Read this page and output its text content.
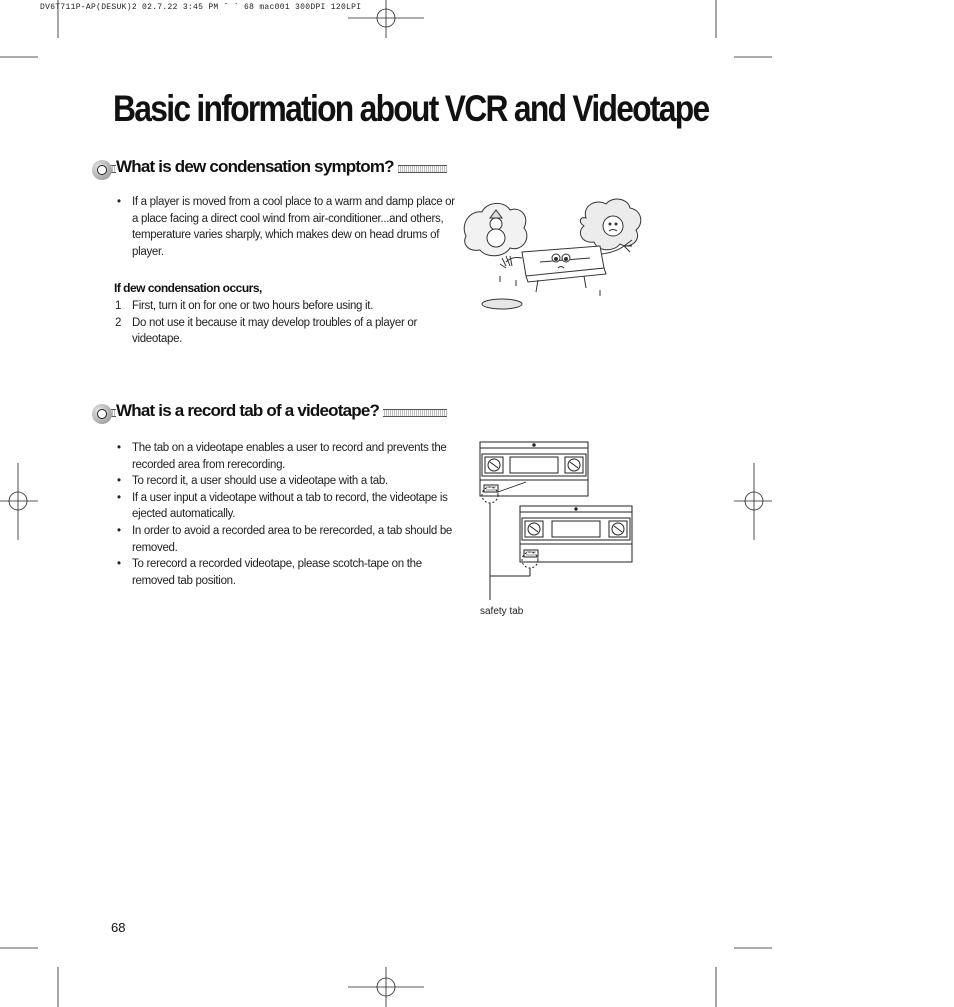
DV6T711P-AP(DESUK)2 02.7.22 3:45 PM ˘ ` 68 mac001 300DPI 120LPI
Basic information about VCR and Videotape
What is dew condensation symptom?
• If a player is moved from a cool place to a warm and damp place or a place facing a direct cool wind from air-conditioner...and others, temperature varies sharply, which makes dew on head drums of player.
If dew condensation occurs,
1 First, turn it on for one or two hours before using it.
2 Do not use it because it may develop troubles of a player or videotape.
What is a record tab of a videotape?
• The tab on a videotape enables a user to record and prevents the recorded area from rerecording.
• To record it, a user should use a videotape with a tab.
• If a user input a videotape without a tab to record, the videotape is ejected automatically.
• In order to avoid a recorded area to be rerecorded, a tab should be removed.
• To rerecord a recorded videotape, please scotch-tape on the removed tab position.
safety tab
68
